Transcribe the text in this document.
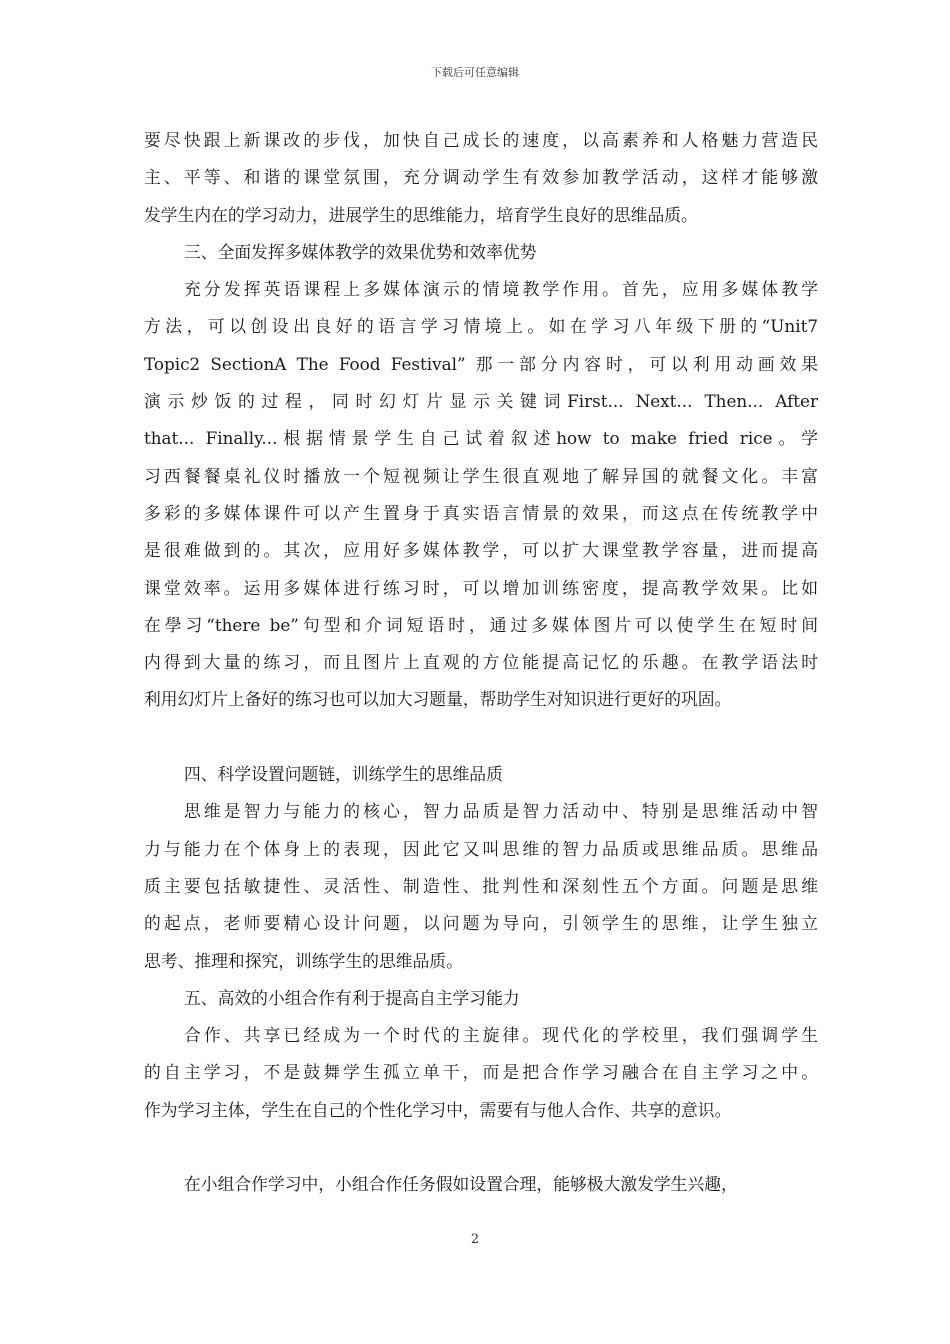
下载后可任意编辑
要尽快跟上新课改的步伐，加快自己成长的速度，以高素养和人格魅力营造民
主、平等、和谐的课堂氛围，充分调动学生有效参加教学活动，这样才能够激
发学生内在的学习动力，进展学生的思维能力，培育学生良好的思维品质。
三、全面发挥多媒体教学的效果优势和效率优势
充分发挥英语课程上多媒体演示的情境教学作用。首先，应用多媒体教学
方法，可以创设出良好的语言学习情境上。如在学习八年级下册的“Unit7
Topic2 SectionA The Food Festival” 那一部分内容时，可以利用动画效果
演示炒饭的过程，同时幻灯片显示关键词First... Next... Then... After
that... Finally...根据情景学生自己试着叙述how to make fried rice。学
习西餐餐桌礼仪时播放一个短视频让学生很直观地了解异国的就餐文化。丰富
多彩的多媒体课件可以产生置身于真实语言情景的效果，而这点在传统教学中
是很难做到的。其次，应用好多媒体教学，可以扩大课堂教学容量，进而提高
课堂效率。运用多媒体进行练习时，可以增加训练密度，提高教学效果。比如
在學习“there be”句型和介词短语时，通过多媒体图片可以使学生在短时间
内得到大量的练习，而且图片上直观的方位能提高记忆的乐趣。在教学语法时
利用幻灯片上备好的练习也可以加大习题量，帮助学生对知识进行更好的巩固。
四、科学设置问题链，训练学生的思维品质
思维是智力与能力的核心，智力品质是智力活动中、特别是思维活动中智
力与能力在个体身上的表现，因此它又叫思维的智力品质或思维品质。思维品
质主要包括敏捷性、灵活性、制造性、批判性和深刻性五个方面。问题是思维
的起点，老师要精心设计问题，以问题为导向，引领学生的思维，让学生独立
思考、推理和探究，训练学生的思维品质。
五、高效的小组合作有利于提高自主学习能力
合作、共享已经成为一个时代的主旋律。现代化的学校里，我们强调学生
的自主学习，不是鼓舞学生孤立单干，而是把合作学习融合在自主学习之中。
作为学习主体，学生在自己的个性化学习中，需要有与他人合作、共享的意识。
在小组合作学习中，小组合作任务假如设置合理，能够极大激发学生兴趣，
2
